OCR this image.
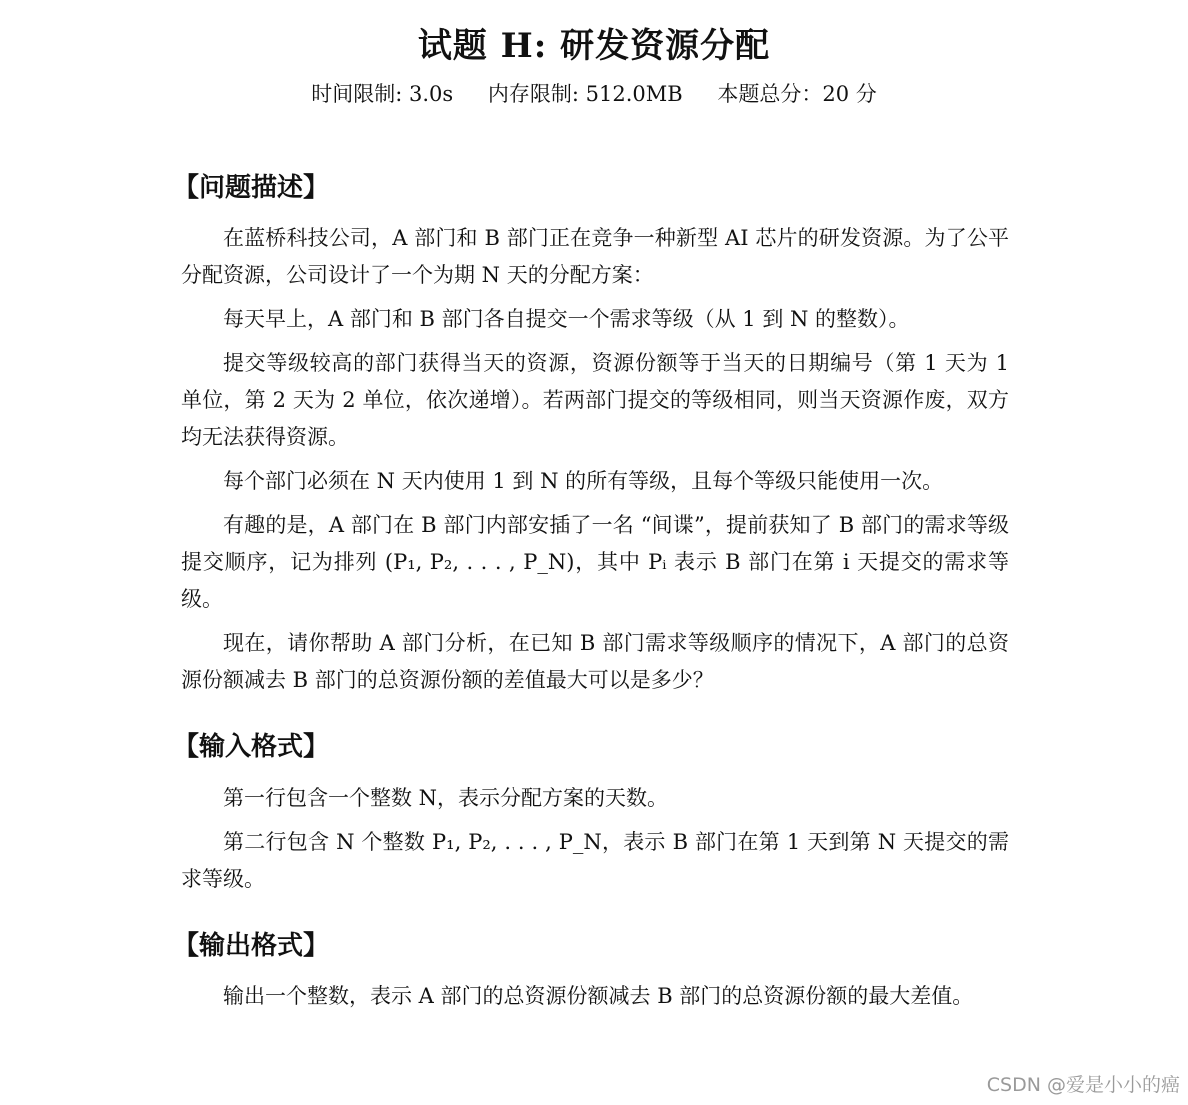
试题 H: 研发资源分配
时间限制: 3.0s 内存限制: 512.0MB 本题总分：20 分
【问题描述】

在蓝桥科技公司，A 部门和 B 部门正在竞争一种新型 AI 芯片的研发资源。为了公平分配资源，公司设计了一个为期 N 天的分配方案：

每天早上，A 部门和 B 部门各自提交一个需求等级（从 1 到 N 的整数）。

提交等级较高的部门获得当天的资源，资源份额等于当天的日期编号（第 1 天为 1 单位，第 2 天为 2 单位，依次递增）。若两部门提交的等级相同，则当天资源作废，双方均无法获得资源。

每个部门必须在 N 天内使用 1 到 N 的所有等级，且每个等级只能使用一次。

有趣的是，A 部门在 B 部门内部安插了一名 “间谍”，提前获知了 B 部门的需求等级提交顺序，记为排列 (P₁, P₂, . . . , P_N)，其中 Pᵢ 表示 B 部门在第 i 天提交的需求等级。

现在，请你帮助 A 部门分析，在已知 B 部门需求等级顺序的情况下，A 部门的总资源份额减去 B 部门的总资源份额的差值最大可以是多少？

【输入格式】

第一行包含一个整数 N，表示分配方案的天数。

第二行包含 N 个整数 P₁, P₂, . . . , P_N，表示 B 部门在第 1 天到第 N 天提交的需求等级。

【输出格式】

输出一个整数，表示 A 部门的总资源份额减去 B 部门的总资源份额的最大差值。

CSDN @爱是小小的癌
